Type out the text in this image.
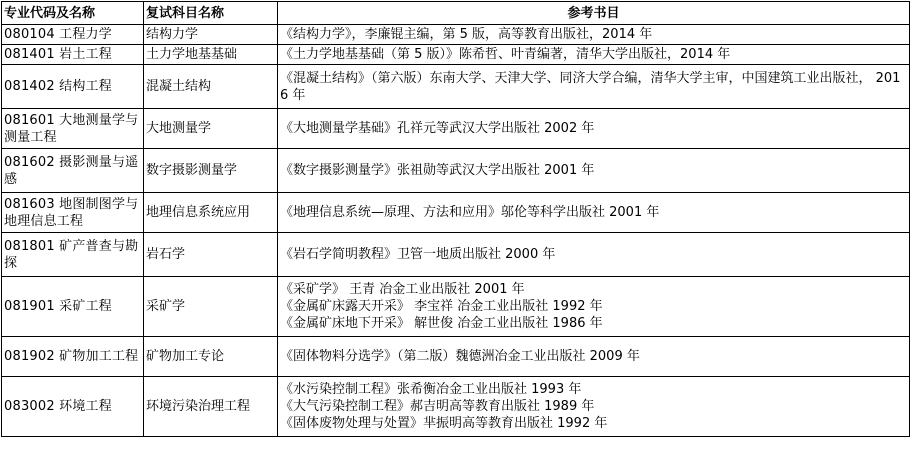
专业代码及名称	复试科目名称	参考书目
080104 工程力学	结构力学	《结构力学》，李廉锟主编，第 5 版，高等教育出版社，2014 年

081401 岩土工程	土力学地基基础	《土力学地基基础（第 5 版）》陈希哲、叶青编著，清华大学出版社，2014 年

081402 结构工程	混凝土结构	《混凝土结构》（第六版）东南大学、天津大学、同济大学合编，清华大学主审，中国建筑工业出版社， 2016 年

081601 大地测量学与测量工程	大地测量学	《大地测量学基础》孔祥元等武汉大学出版社 2002 年

081602 摄影测量与遥感	数字摄影测量学	《数字摄影测量学》张祖勋等武汉大学出版社 2001 年

081603 地图制图学与地理信息工程	地理信息系统应用	《地理信息系统—原理、方法和应用》邬伦等科学出版社 2001 年

081801 矿产普查与勘探	岩石学	《岩石学简明教程》卫管一地质出版社 2000 年

081901 采矿工程	采矿学	《采矿学》 王青 冶金工业出版社 2001 年
《金属矿床露天开采》 李宝祥 冶金工业出版社 1992 年
《金属矿床地下开采》 解世俊 冶金工业出版社 1986 年

081902 矿物加工工程	矿物加工专论	《固体物料分选学》（第二版）魏德洲冶金工业出版社 2009 年

083002 环境工程	环境污染治理工程	《水污染控制工程》张希衡冶金工业出版社 1993 年
《大气污染控制工程》郝吉明高等教育出版社 1989 年
《固体废物处理与处置》芈振明高等教育出版社 1992 年
